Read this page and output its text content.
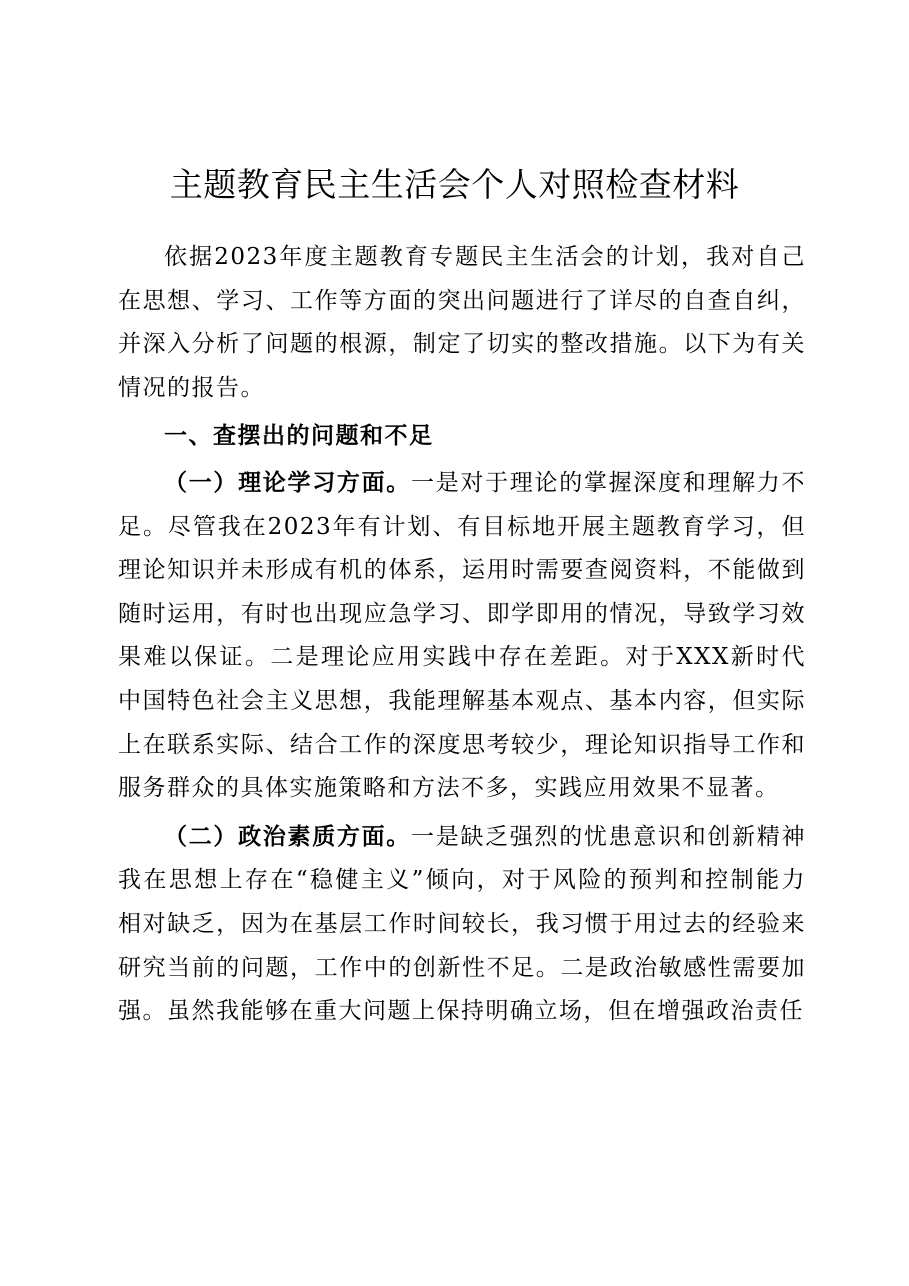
主题教育民主生活会个人对照检查材料

依据2023年度主题教育专题民主生活会的计划，我对自己在思想、学习、工作等方面的突出问题进行了详尽的自查自纠，并深入分析了问题的根源，制定了切实的整改措施。以下为有关情况的报告。

一、查摆出的问题和不足

（一）理论学习方面。一是对于理论的掌握深度和理解力不足。尽管我在2023年有计划、有目标地开展主题教育学习，但理论知识并未形成有机的体系，运用时需要查阅资料，不能做到随时运用，有时也出现应急学习、即学即用的情况，导致学习效果难以保证。二是理论应用实践中存在差距。对于XXX新时代中国特色社会主义思想，我能理解基本观点、基本内容，但实际上在联系实际、结合工作的深度思考较少，理论知识指导工作和服务群众的具体实施策略和方法不多，实践应用效果不显著。

（二）政治素质方面。一是缺乏强烈的忧患意识和创新精神我在思想上存在“稳健主义”倾向，对于风险的预判和控制能力相对缺乏，因为在基层工作时间较长，我习惯于用过去的经验来研究当前的问题，工作中的创新性不足。二是政治敏感性需要加强。虽然我能够在重大问题上保持明确立场，但在增强政治责任
